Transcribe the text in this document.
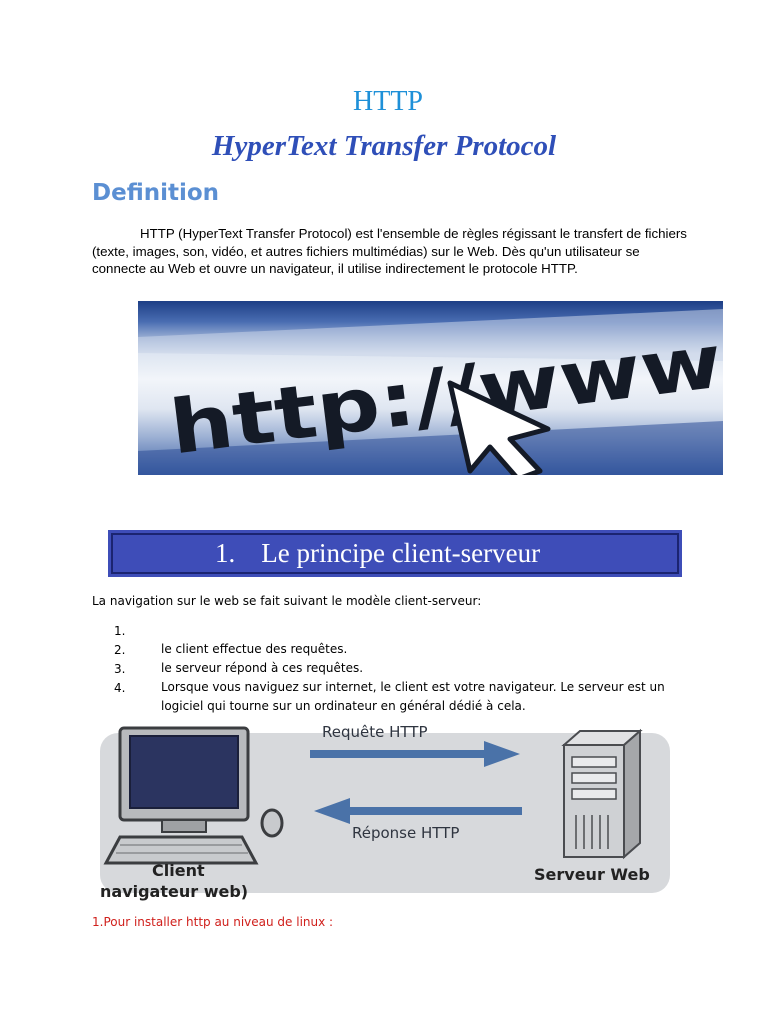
HTTP
HyperText Transfer Protocol
Definition
HTTP (HyperText Transfer Protocol) est l'ensemble de règles régissant le transfert de fichiers (texte, images, son, vidéo, et autres fichiers multimédias) sur le Web. Dès qu'un utilisateur se connecte au Web et ouvre un navigateur, il utilise indirectement le protocole HTTP.
http://www
1. Le principe client-serveur
La navigation sur le web se fait suivant le modèle client-serveur:
1.
2.	le client effectue des requêtes.
3.	le serveur répond à ces requêtes.
4.	Lorsque vous naviguez sur internet, le client est votre navigateur. Le serveur est un logiciel qui tourne sur un ordinateur en général dédié à cela.
Requête HTTP
Réponse HTTP
Client
navigateur web)
Serveur Web
1.Pour installer http au niveau de linux :
